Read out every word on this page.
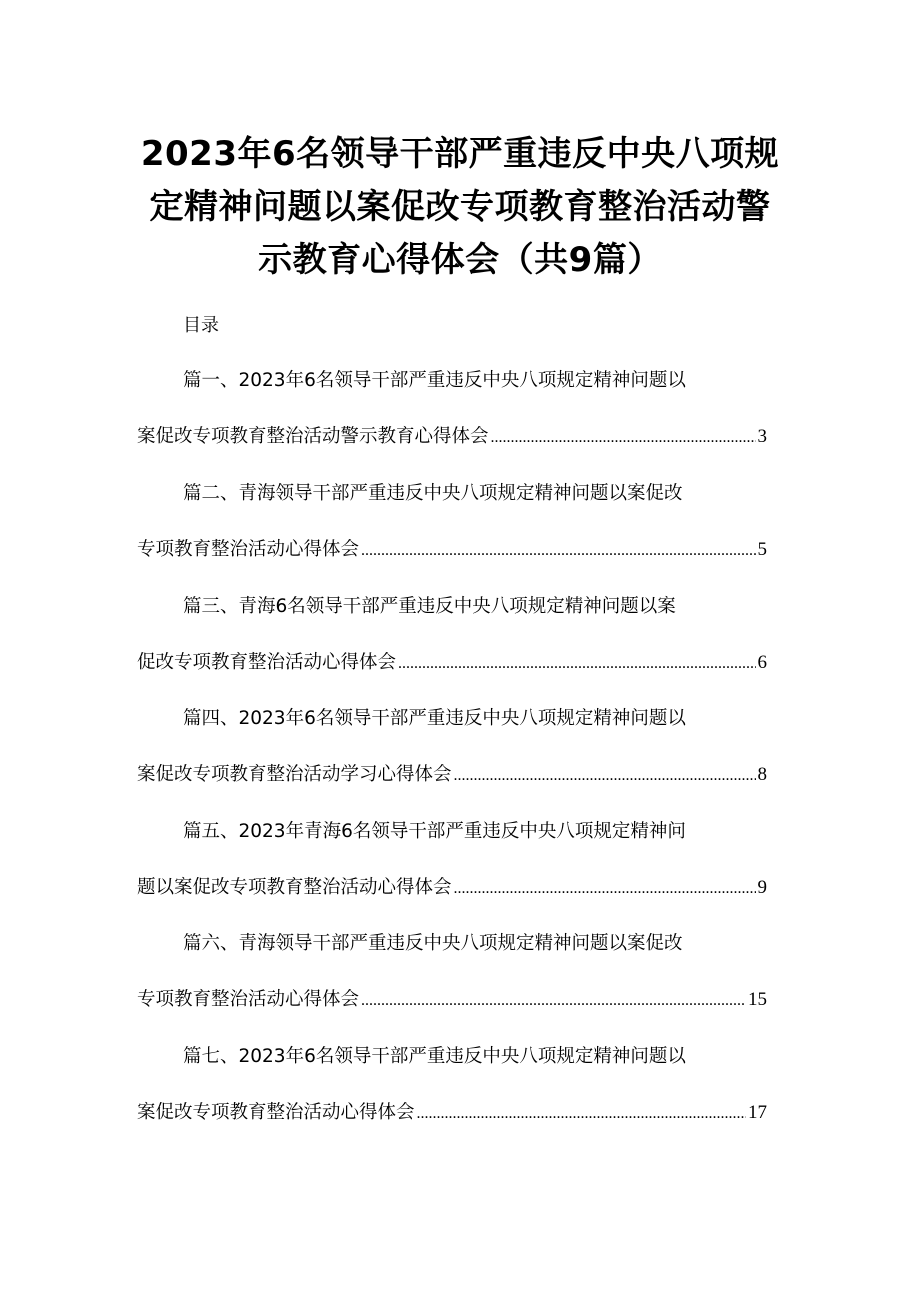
2023年6名领导干部严重违反中央八项规
定精神问题以案促改专项教育整治活动警
示教育心得体会（共9篇）
目录
篇一、2023年6名领导干部严重违反中央八项规定精神问题以
案促改专项教育整治活动警示教育心得体会 .....	3
篇二、青海领导干部严重违反中央八项规定精神问题以案促改
专项教育整治活动心得体会 .....	5
篇三、青海6名领导干部严重违反中央八项规定精神问题以案
促改专项教育整治活动心得体会 .....	6
篇四、2023年6名领导干部严重违反中央八项规定精神问题以
案促改专项教育整治活动学习心得体会 .....	8
篇五、2023年青海6名领导干部严重违反中央八项规定精神问
题以案促改专项教育整治活动心得体会 .....	9
篇六、青海领导干部严重违反中央八项规定精神问题以案促改
专项教育整治活动心得体会 .....	15
篇七、2023年6名领导干部严重违反中央八项规定精神问题以
案促改专项教育整治活动心得体会 .....	17
